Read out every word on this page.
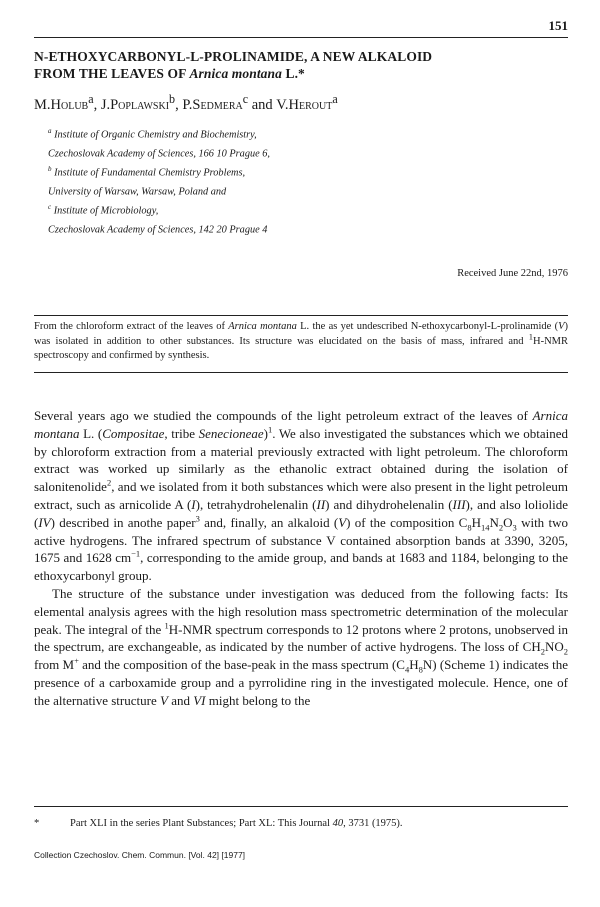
151
N-ETHOXYCARBONYL-L-PROLINAMIDE, A NEW ALKALOID
FROM THE LEAVES OF Arnica montana L.*
M.Holub$^a$, J.Poplawski$^b$, P.Sedmera$^c$ and V.Herout$^a$
$^a$ Institute of Organic Chemistry and Biochemistry,
Czechoslovak Academy of Sciences, 166 10 Prague 6,
$^b$ Institute of Fundamental Chemistry Problems,
University of Warsaw, Warsaw, Poland and
$^c$ Institute of Microbiology,
Czechoslovak Academy of Sciences, 142 20 Prague 4
Received June 22nd, 1976
From the chloroform extract of the leaves of Arnica montana L. the as yet undescribed N-ethoxycarbonyl-L-prolinamide (V) was isolated in addition to other substances. Its structure was elucidated on the basis of mass, infrared and $^1$H-NMR spectroscopy and confirmed by synthesis.

Several years ago we studied the compounds of the light petroleum extract of the leaves of Arnica montana L. (Compositae, tribe Senecioneae)$^1$. We also investigated the substances which we obtained by chloroform extraction from a material previously extracted with light petroleum. The chloroform extract was worked up similarly as the ethanolic extract obtained during the isolation of salonitenolide$^2$, and we isolated from it both substances which were also present in the light petroleum extract, such as arnicolide A (I), tetrahydrohelenalin (II) and dihydrohelenalin (III), and also loliolide (IV) described in anothe paper$^3$ and, finally, an alkaloid (V) of the composition $C_8H_{14}N_2O_3$ with two active hydrogens. The infrared spectrum of substance V contained absorption bands at 3390, 3205, 1675 and 1628 $cm^{-1}$, corresponding to the amide group, and bands at 1683 and 1184, belonging to the ethoxycarbonyl group.

The structure of the substance under investigation was deduced from the following facts: Its elemental analysis agrees with the high resolution mass spectrometric determination of the molecular peak. The integral of the $^1$H-NMR spectrum corresponds to 12 protons where 2 protons, unobserved in the spectrum, are exchangeable, as indicated by the number of active hydrogens. The loss of $CH_2NO_2$ from M+ and the composition of the base-peak in the mass spectrum $(C_4H_8N)$ (Scheme 1) indicates the presence of a carboxamide group and a pyrrolidine ring in the investigated molecule. Hence, one of the alternative structure V and VI might belong to the

*	Part XLI in the series Plant Substances; Part XL: This Journal 40, 3731 (1975).
Collection Czechoslov. Chem. Commun. [Vol. 42] [1977]
